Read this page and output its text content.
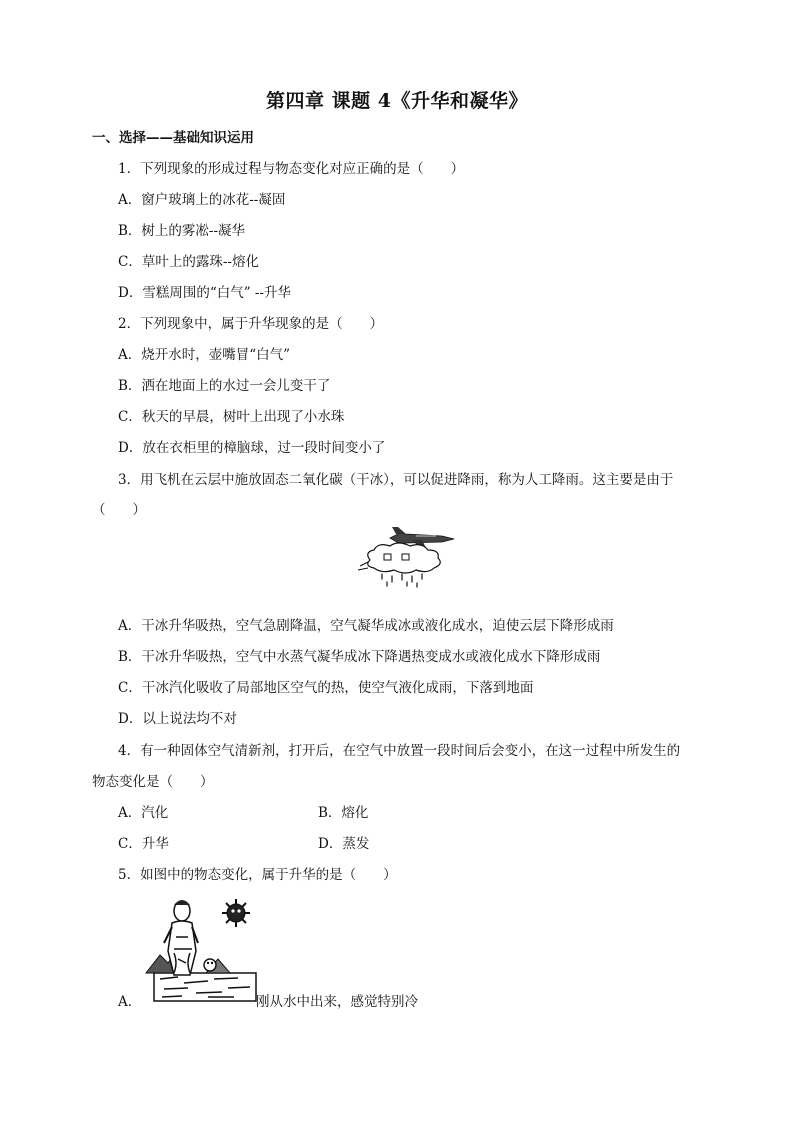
第四章 课题 4《升华和凝华》
一、选择——基础知识运用
1．下列现象的形成过程与物态变化对应正确的是（　　）
A．窗户玻璃上的冰花--凝固
B．树上的雾凇--凝华
C．草叶上的露珠--熔化
D．雪糕周围的“白气” --升华
2．下列现象中，属于升华现象的是（　　）
A．烧开水时，壶嘴冒“白气”
B．洒在地面上的水过一会儿变干了
C．秋天的早晨，树叶上出现了小水珠
D．放在衣柜里的樟脑球，过一段时间变小了
3．用飞机在云层中施放固态二氧化碳（干冰），可以促进降雨，称为人工降雨。这主要是由于
（　　）
A．干冰升华吸热，空气急剧降温，空气凝华成冰或液化成水，迫使云层下降形成雨
B．干冰升华吸热，空气中水蒸气凝华成冰下降遇热变成水或液化成水下降形成雨
C．干冰汽化吸收了局部地区空气的热，使空气液化成雨，下落到地面
D．以上说法均不对
4．有一种固体空气清新剂，打开后，在空气中放置一段时间后会变小，在这一过程中所发生的
物态变化是（　　）
A．汽化	B．熔化
C．升华	D．蒸发
5．如图中的物态变化，属于升华的是（　　）
A．	刚从水中出来，感觉特别冷
